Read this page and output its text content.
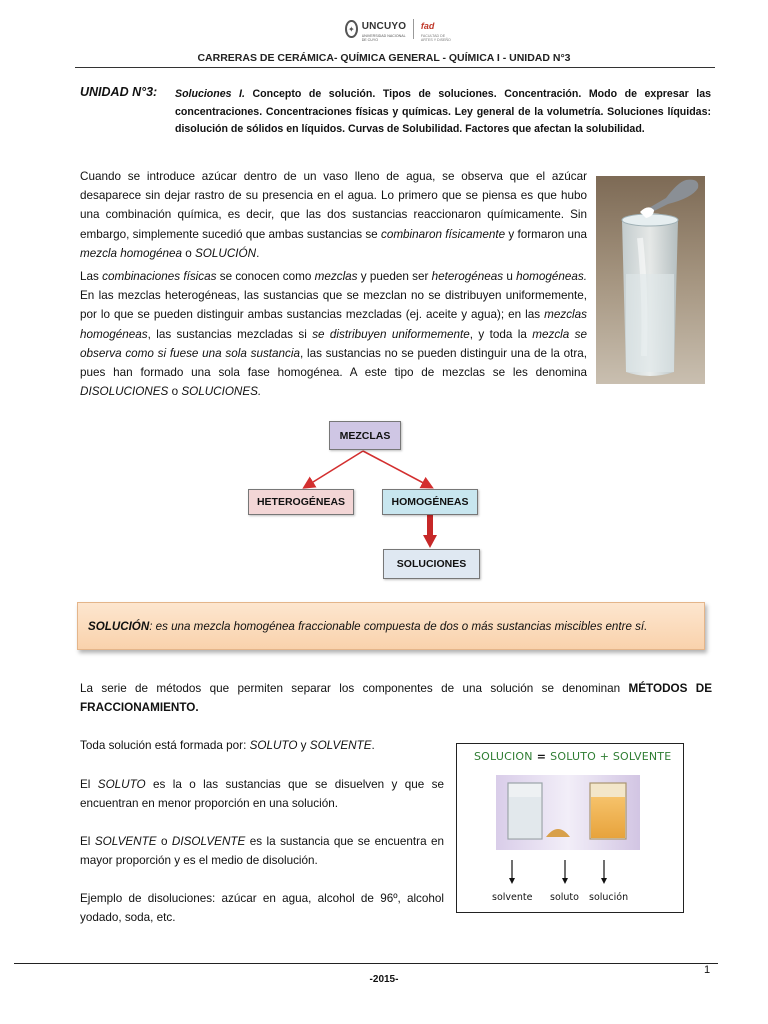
✦ UNCUYO
UNIVERSIDAD NACIONAL DE CUYO
fad
FACULTAD DE ARTES Y DISEÑO
CARRERAS DE CERÁMICA- QUÍMICA GENERAL - QUÍMICA I - UNIDAD N°3
UNIDAD N°3: Soluciones I. Concepto de solución. Tipos de soluciones. Concentración. Modo de expresar las concentraciones. Concentraciones físicas y químicas. Ley general de la volumetría. Soluciones líquidas: disolución de sólidos en líquidos. Curvas de Solubilidad. Factores que afectan la solubilidad.
Cuando se introduce azúcar dentro de un vaso lleno de agua, se observa que el azúcar desaparece sin dejar rastro de su presencia en el agua. Lo primero que se piensa es que hubo una combinación química, es decir, que las dos sustancias reaccionaron químicamente. Sin embargo, simplemente sucedió que ambas sustancias se combinaron físicamente y formaron una mezcla homogénea o SOLUCIÓN.
Las combinaciones físicas se conocen como mezclas y pueden ser heterogéneas u homogéneas. En las mezclas heterogéneas, las sustancias que se mezclan no se distribuyen uniformemente, por lo que se pueden distinguir ambas sustancias mezcladas (ej. aceite y agua); en las mezclas homogéneas, las sustancias mezcladas si se distribuyen uniformemente, y toda la mezcla se observa como si fuese una sola sustancia, las sustancias no se pueden distinguir una de la otra, pues han formado una sola fase homogénea. A este tipo de mezclas se les denomina DISOLUCIONES o SOLUCIONES.
MEZCLAS
HETEROGÉNEAS	HOMOGÉNEAS
SOLUCIONES
SOLUCIÓN : es una mezcla homogénea fraccionable compuesta de dos o más sustancias miscibles entre sí.
La serie de métodos que permiten separar los componentes de una solución se denominan MÉTODOS DE FRACCIONAMIENTO.
Toda solución está formada por: SOLUTO y SOLVENTE.
El SOLUTO es la o las sustancias que se disuelven y que se encuentran en menor proporción en una solución.
El SOLVENTE o DISOLVENTE es la sustancia que se encuentra en mayor proporción y es el medio de disolución.
Ejemplo de disoluciones: azúcar en agua, alcohol de 96º, alcohol yodado, soda, etc.
SOLUCION = SOLUTO + SOLVENTE
solvente soluto solución
1
-2015-
